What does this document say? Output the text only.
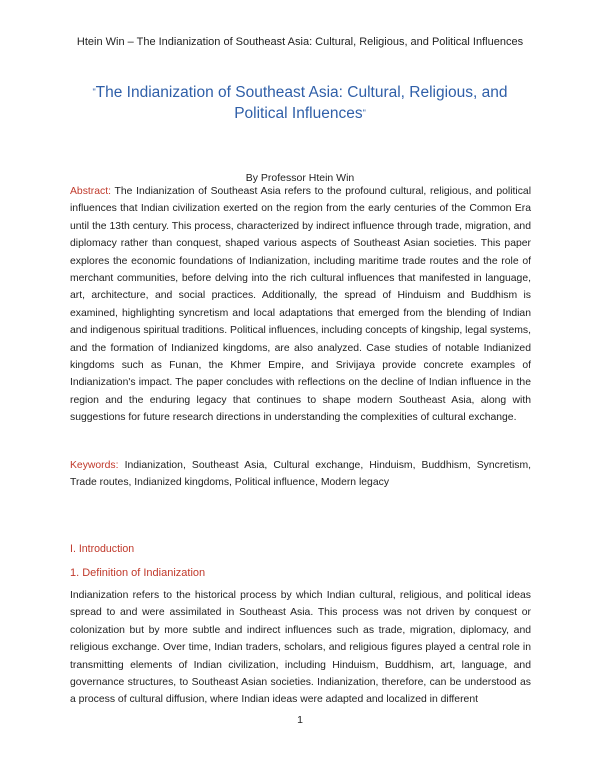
Htein Win – The Indianization of Southeast Asia: Cultural, Religious, and Political Influences
"The Indianization of Southeast Asia: Cultural, Religious, and Political Influences"
By Professor Htein Win
Abstract: The Indianization of Southeast Asia refers to the profound cultural, religious, and political influences that Indian civilization exerted on the region from the early centuries of the Common Era until the 13th century. This process, characterized by indirect influence through trade, migration, and diplomacy rather than conquest, shaped various aspects of Southeast Asian societies. This paper explores the economic foundations of Indianization, including maritime trade routes and the role of merchant communities, before delving into the rich cultural influences that manifested in language, art, architecture, and social practices. Additionally, the spread of Hinduism and Buddhism is examined, highlighting syncretism and local adaptations that emerged from the blending of Indian and indigenous spiritual traditions. Political influences, including concepts of kingship, legal systems, and the formation of Indianized kingdoms, are also analyzed. Case studies of notable Indianized kingdoms such as Funan, the Khmer Empire, and Srivijaya provide concrete examples of Indianization's impact. The paper concludes with reflections on the decline of Indian influence in the region and the enduring legacy that continues to shape modern Southeast Asia, along with suggestions for future research directions in understanding the complexities of cultural exchange.
Keywords: Indianization, Southeast Asia, Cultural exchange, Hinduism, Buddhism, Syncretism, Trade routes, Indianized kingdoms, Political influence, Modern legacy
I. Introduction
1. Definition of Indianization
Indianization refers to the historical process by which Indian cultural, religious, and political ideas spread to and were assimilated in Southeast Asia. This process was not driven by conquest or colonization but by more subtle and indirect influences such as trade, migration, diplomacy, and religious exchange. Over time, Indian traders, scholars, and religious figures played a central role in transmitting elements of Indian civilization, including Hinduism, Buddhism, art, language, and governance structures, to Southeast Asian societies. Indianization, therefore, can be understood as a process of cultural diffusion, where Indian ideas were adapted and localized in different
1
